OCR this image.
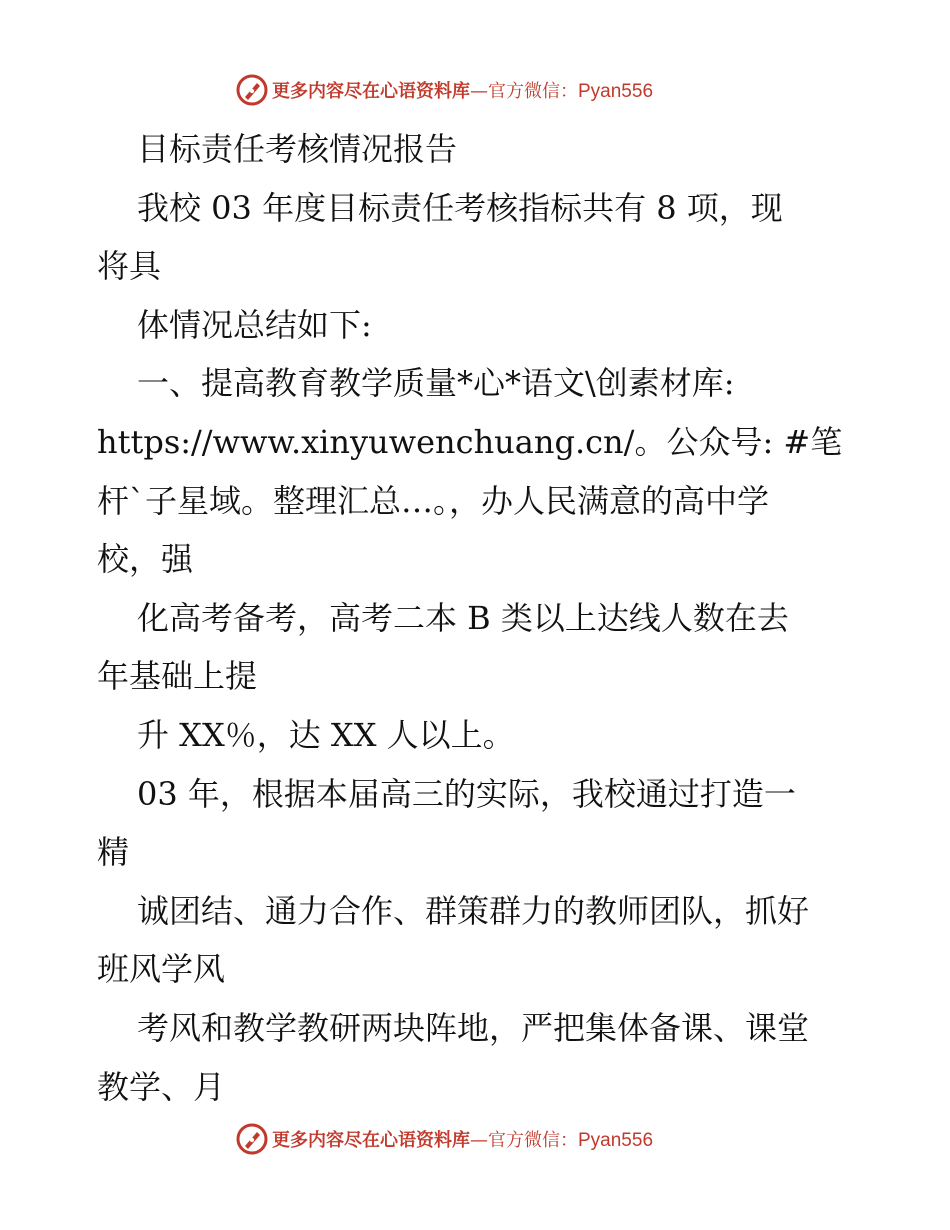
更多内容尽在心语资料库—官方微信：Pyan556
目标责任考核情况报告
我校 03 年度目标责任考核指标共有 8 项，现
将具
体情况总结如下:
一、提高教育教学质量*心*语文\创素材库:
https://www.xinyuwenchuang.cn/。公众号: #笔
杆`子星域。整理汇总…。，办人民满意的高中学
校，强
化高考备考，高考二本 B 类以上达线人数在去
年基础上提
升 XX％，达 XX 人以上。
03 年，根据本届高三的实际，我校通过打造一
精
诚团结、通力合作、群策群力的教师团队，抓好
班风学风
考风和教学教研两块阵地，严把集体备课、课堂
教学、月
更多内容尽在心语资料库—官方微信：Pyan556
